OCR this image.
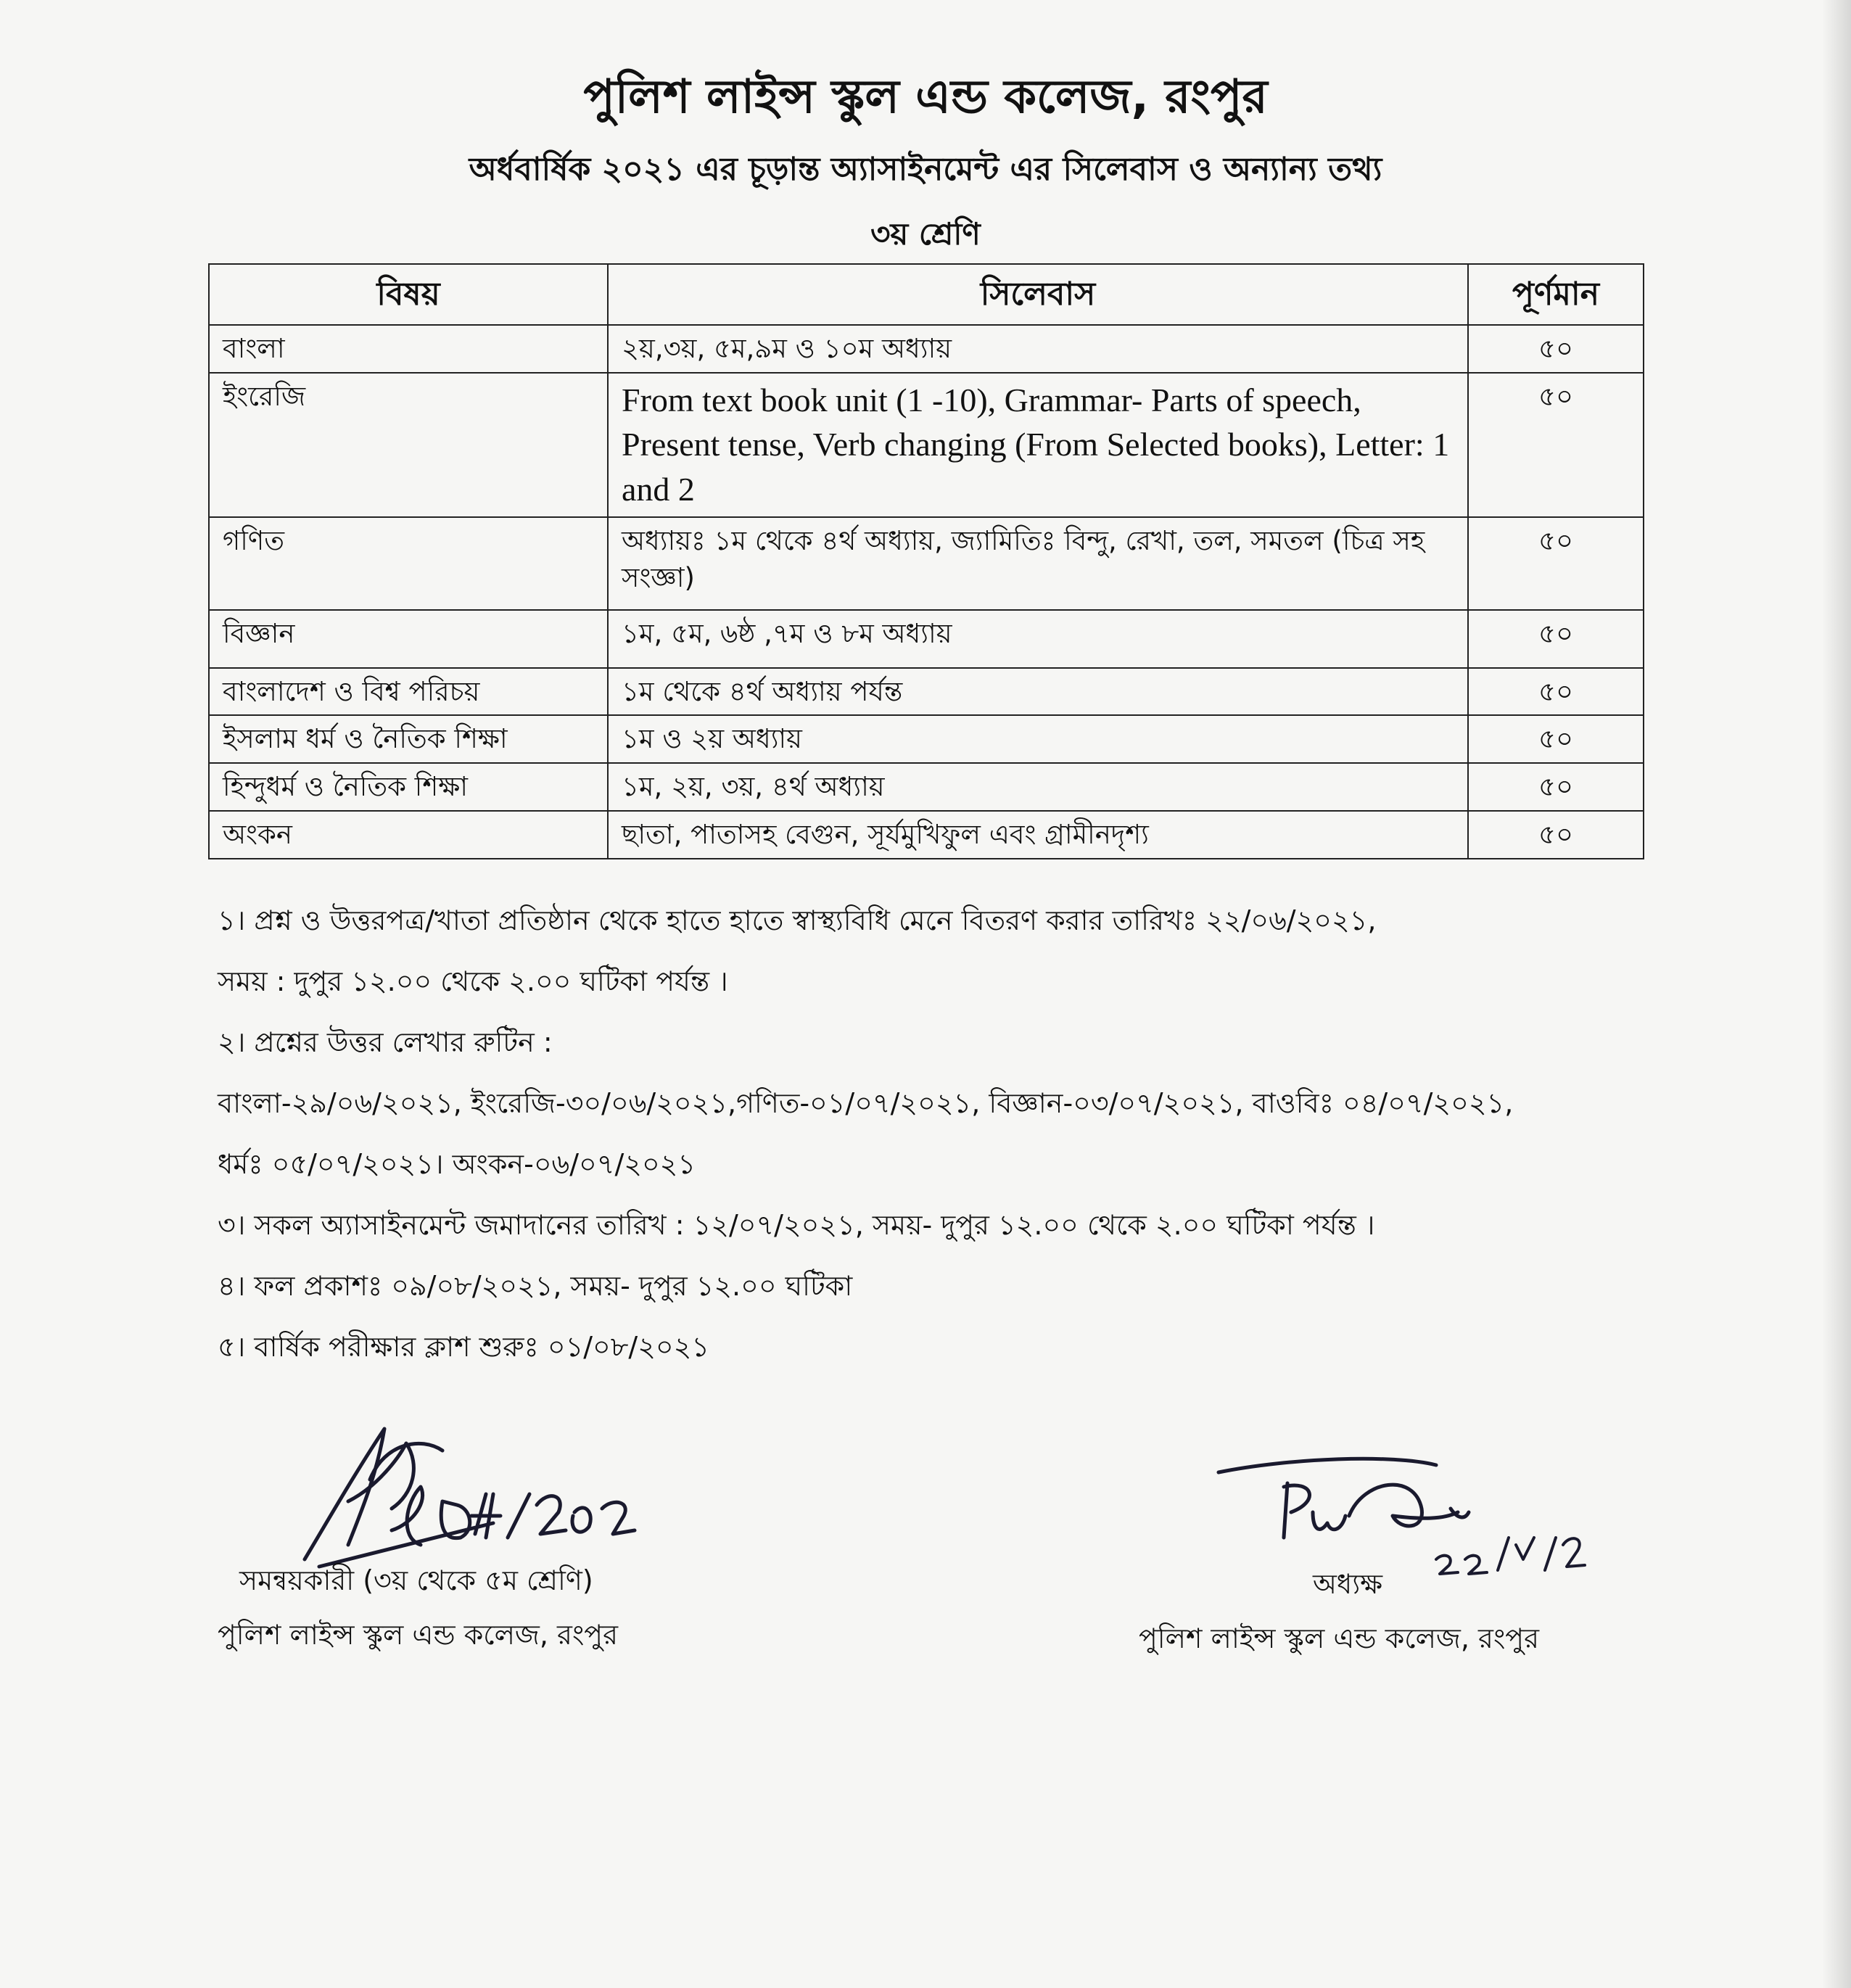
পুলিশ লাইন্স স্কুল এন্ড কলেজ, রংপুর
অর্ধবার্ষিক ২০২১ এর চূড়ান্ত অ্যাসাইনমেন্ট এর সিলেবাস ও অন্যান্য তথ্য
৩য় শ্রেণি
বিষয়	সিলেবাস	পূর্ণমান
বাংলা	২য়,৩য়, ৫ম,৯ম ও ১০ম অধ্যায়	৫০
ইংরেজি	From text book unit (1 -10), Grammar- Parts of speech, Present tense, Verb changing (From Selected books), Letter: 1 and 2	৫০
গণিত	অধ্যায়ঃ ১ম থেকে ৪র্থ অধ্যায়, জ্যামিতিঃ বিন্দু, রেখা, তল, সমতল (চিত্র সহ সংজ্ঞা)	৫০
বিজ্ঞান	১ম, ৫ম, ৬ষ্ঠ ,৭ম ও ৮ম অধ্যায়	৫০
বাংলাদেশ ও বিশ্ব পরিচয়	১ম থেকে ৪র্থ অধ্যায় পর্যন্ত	৫০
ইসলাম ধর্ম ও নৈতিক শিক্ষা	১ম ও ২য় অধ্যায়	৫০
হিন্দুধর্ম ও নৈতিক শিক্ষা	১ম, ২য়, ৩য়, ৪র্থ অধ্যায়	৫০
অংকন	ছাতা, পাতাসহ বেগুন, সূর্যমুখিফুল এবং গ্রামীনদৃশ্য	৫০
১। প্রশ্ন ও উত্তরপত্র/খাতা প্রতিষ্ঠান থেকে হাতে হাতে স্বাস্থ্যবিধি মেনে বিতরণ করার তারিখঃ ২২/০৬/২০২১,
সময় : দুপুর ১২.০০ থেকে ২.০০ ঘটিকা পর্যন্ত ।
২। প্রশ্নের উত্তর লেখার রুটিন :
বাংলা-২৯/০৬/২০২১, ইংরেজি-৩০/০৬/২০২১,গণিত-০১/০৭/২০২১, বিজ্ঞান-০৩/০৭/২০২১, বাওবিঃ ০৪/০৭/২০২১,
ধর্মঃ ০৫/০৭/২০২১। অংকন-০৬/০৭/২০২১
৩। সকল অ্যাসাইনমেন্ট জমাদানের তারিখ : ১২/০৭/২০২১, সময়- দুপুর ১২.০০ থেকে ২.০০ ঘটিকা পর্যন্ত ।
৪। ফল প্রকাশঃ ০৯/০৮/২০২১, সময়- দুপুর ১২.০০ ঘটিকা
৫। বার্ষিক পরীক্ষার ক্লাশ শুরুঃ ০১/০৮/২০২১
সমন্বয়কারী (৩য় থেকে ৫ম শ্রেণি)
পুলিশ লাইন্স স্কুল এন্ড কলেজ, রংপুর
অধ্যক্ষ
পুলিশ লাইন্স স্কুল এন্ড কলেজ, রংপুর
